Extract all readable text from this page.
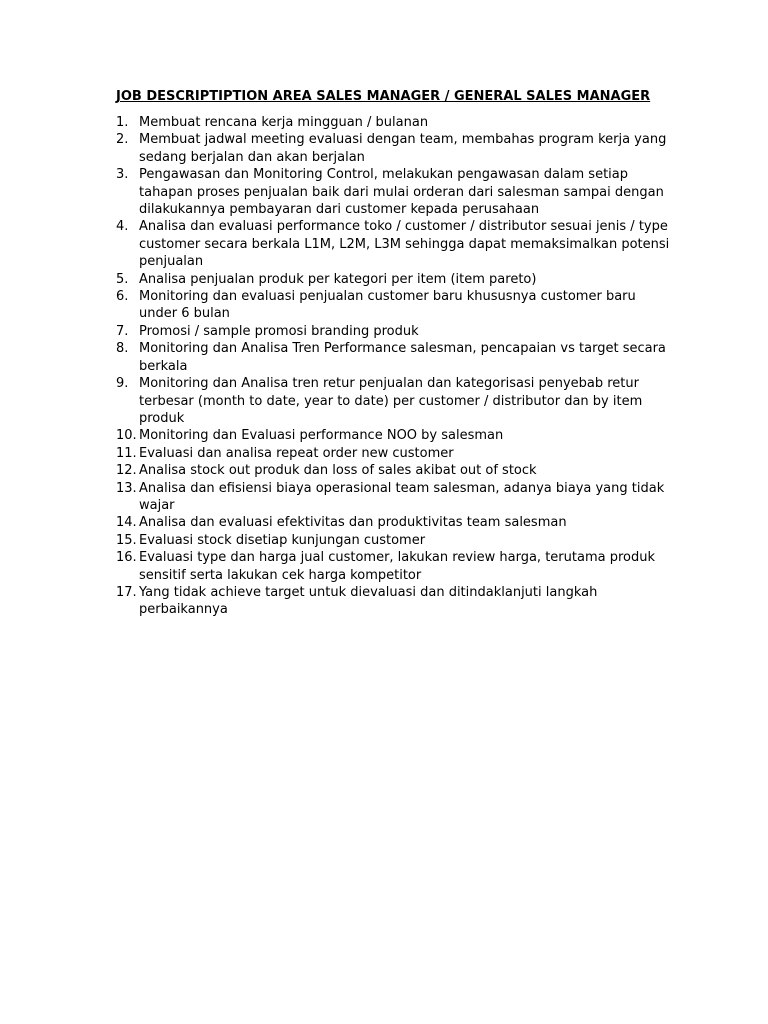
JOB DESCRIPTIPTION AREA SALES MANAGER / GENERAL SALES MANAGER
1. Membuat rencana kerja mingguan / bulanan
2. Membuat jadwal meeting evaluasi dengan team, membahas program kerja yang sedang berjalan dan akan berjalan
3. Pengawasan dan Monitoring Control, melakukan pengawasan dalam setiap tahapan proses penjualan baik dari mulai orderan dari salesman sampai dengan dilakukannya pembayaran dari customer kepada perusahaan
4. Analisa dan evaluasi performance toko / customer / distributor sesuai jenis / type customer secara berkala L1M, L2M, L3M sehingga dapat memaksimalkan potensi penjualan
5. Analisa penjualan produk per kategori per item (item pareto)
6. Monitoring dan evaluasi penjualan customer baru khususnya customer baru under 6 bulan
7. Promosi / sample promosi branding produk
8. Monitoring dan Analisa Tren Performance salesman, pencapaian vs target secara berkala
9. Monitoring dan Analisa tren retur penjualan dan kategorisasi penyebab retur terbesar (month to date, year to date) per customer / distributor dan by item produk
10. Monitoring dan Evaluasi performance NOO by salesman
11. Evaluasi dan analisa repeat order new customer
12. Analisa stock out produk dan loss of sales akibat out of stock
13. Analisa dan efisiensi biaya operasional team salesman, adanya biaya yang tidak wajar
14. Analisa dan evaluasi efektivitas dan produktivitas team salesman
15. Evaluasi stock disetiap kunjungan customer
16. Evaluasi type dan harga jual customer, lakukan review harga, terutama produk sensitif serta lakukan cek harga kompetitor
17. Yang tidak achieve target untuk dievaluasi dan ditindaklanjuti langkah perbaikannya
